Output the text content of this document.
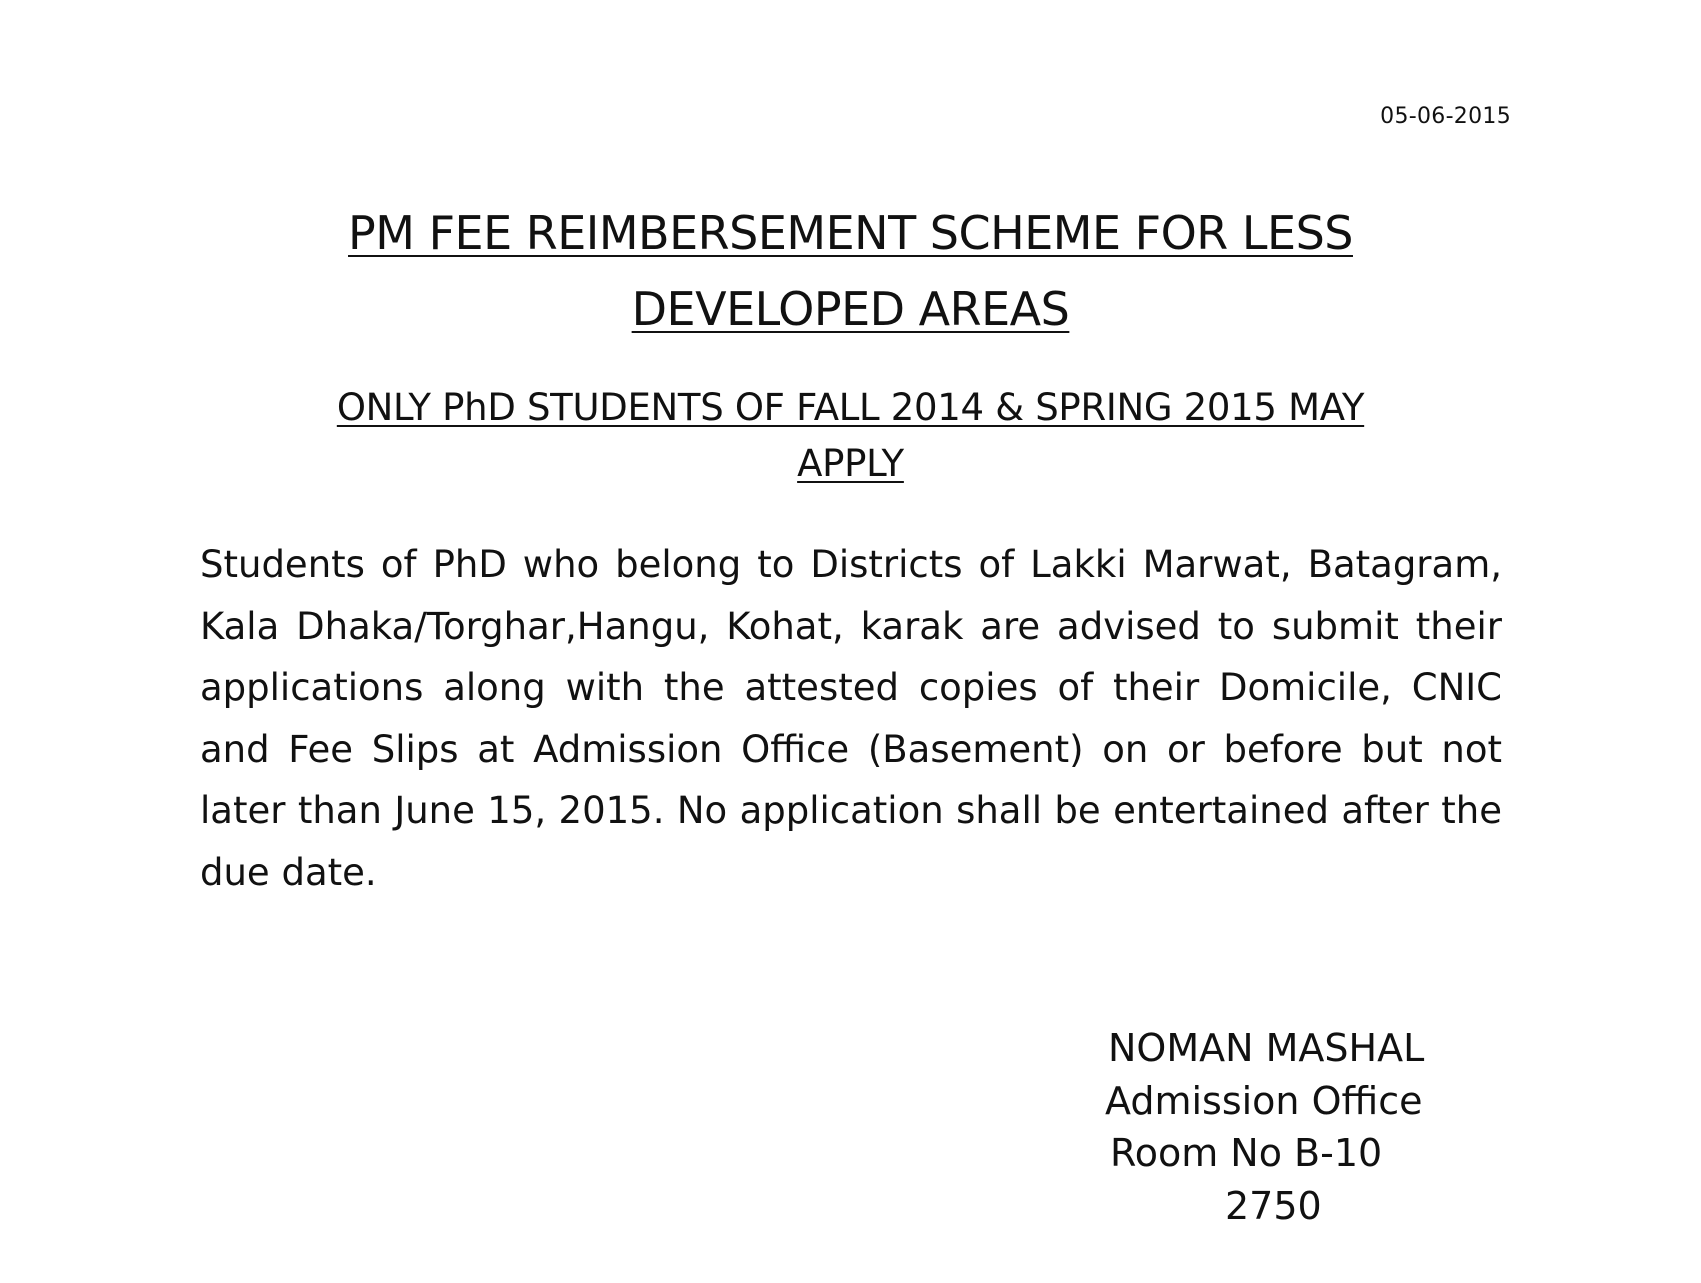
05-06-2015
PM FEE REIMBERSEMENT SCHEME FOR LESS
DEVELOPED AREAS
ONLY PhD STUDENTS OF FALL 2014 & SPRING 2015 MAY
APPLY

Students of PhD who belong to Districts of Lakki Marwat, Batagram, Kala Dhaka/Torghar,Hangu, Kohat, karak are advised to submit their applications along with the attested copies of their Domicile, CNIC and Fee Slips at Admission Office (Basement) on or before but not later than June 15, 2015. No application shall be entertained after the due date.

NOMAN MASHAL
Admission Office
Room No B-10
2750
